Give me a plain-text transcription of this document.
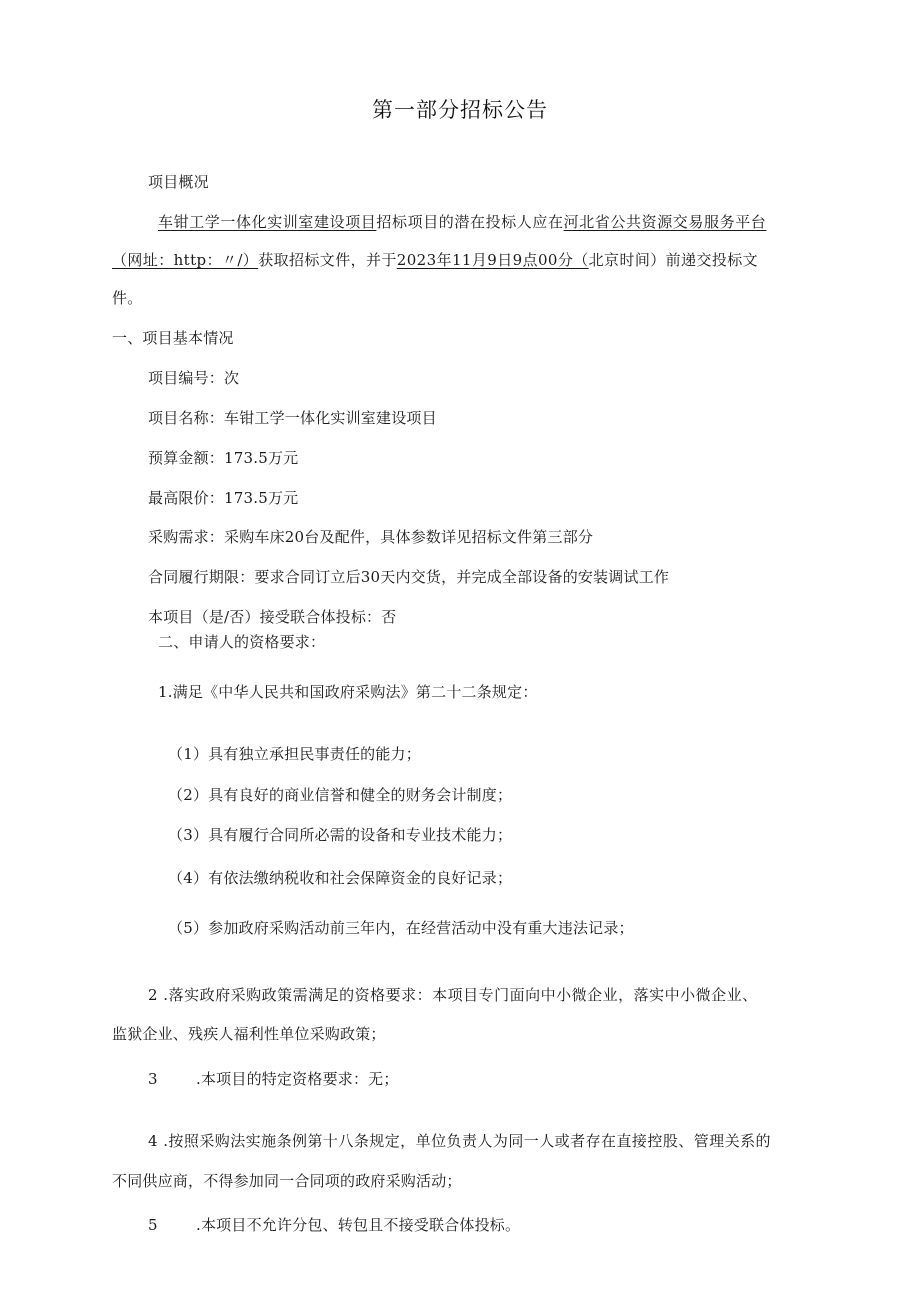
第一部分招标公告
项目概况
车钳工学一体化实训室建设项目招标项目的潜在投标人应在河北省公共资源交易服务平台
（网址：http：〃/）获取招标文件，并于2023年11月9日9点00分（北京时间）前递交投标文
件。
一、项目基本情况
项目编号：次
项目名称：车钳工学一体化实训室建设项目
预算金额：173.5万元
最高限价：173.5万元
采购需求：采购车床20台及配件，具体参数详见招标文件第三部分
合同履行期限：要求合同订立后30天内交货，并完成全部设备的安装调试工作
本项目（是/否）接受联合体投标：否
二、申请人的资格要求：
1.满足《中华人民共和国政府采购法》第二十二条规定：
（1）具有独立承担民事责任的能力；
（2）具有良好的商业信誉和健全的财务会计制度；
（3）具有履行合同所必需的设备和专业技术能力；
（4）有依法缴纳税收和社会保障资金的良好记录；
（5）参加政府采购活动前三年内，在经营活动中没有重大违法记录；
2 .落实政府采购政策需满足的资格要求：本项目专门面向中小微企业，落实中小微企业、
监狱企业、残疾人福利性单位采购政策；
3	.本项目的特定资格要求：无；
4 .按照采购法实施条例第十八条规定，单位负责人为同一人或者存在直接控股、管理关系的
不同供应商，不得参加同一合同项的政府采购活动；
5	.本项目不允许分包、转包且不接受联合体投标。
